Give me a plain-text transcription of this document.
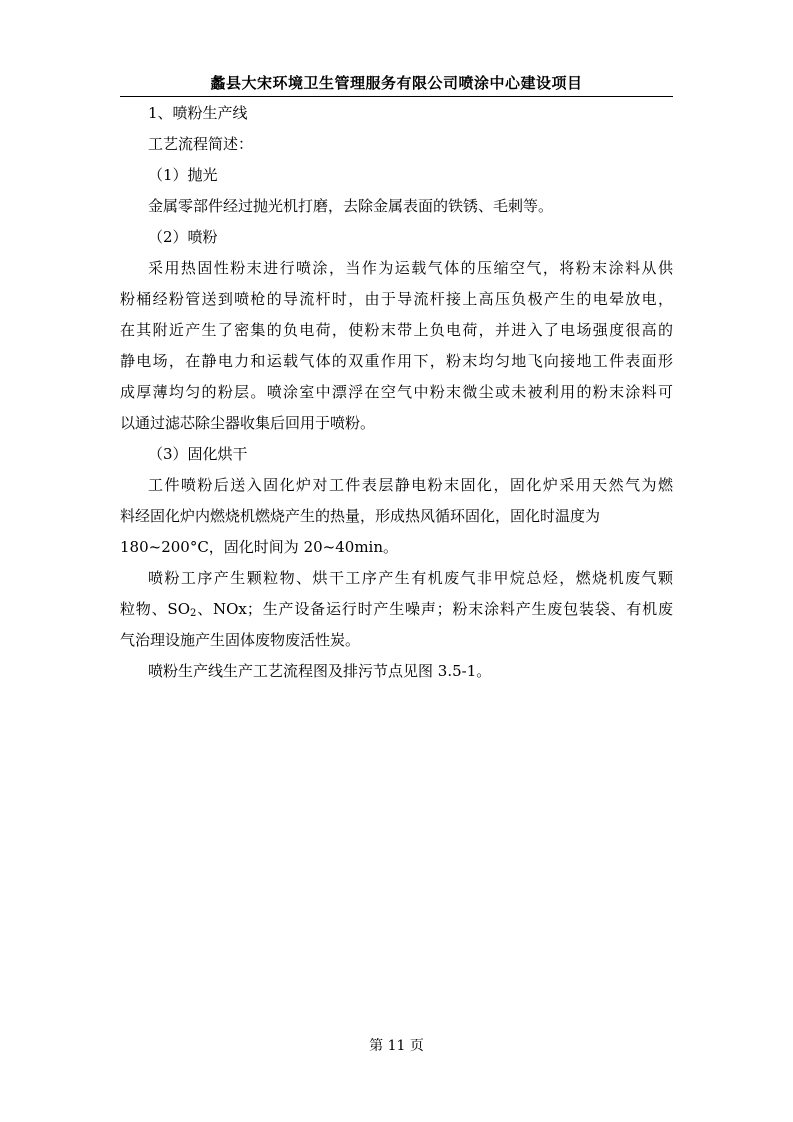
蠡县大宋环境卫生管理服务有限公司喷涂中心建设项目
1、喷粉生产线
工艺流程简述：
（1）抛光
金属零部件经过抛光机打磨，去除金属表面的铁锈、毛刺等。
（2）喷粉
采用热固性粉末进行喷涂，当作为运载气体的压缩空气，将粉末涂料从供
粉桶经粉管送到喷枪的导流杆时，由于导流杆接上高压负极产生的电晕放电，
在其附近产生了密集的负电荷，使粉末带上负电荷，并进入了电场强度很高的
静电场，在静电力和运载气体的双重作用下，粉末均匀地飞向接地工件表面形
成厚薄均匀的粉层。喷涂室中漂浮在空气中粉末微尘或未被利用的粉末涂料可
以通过滤芯除尘器收集后回用于喷粉。
（3）固化烘干
工件喷粉后送入固化炉对工件表层静电粉末固化，固化炉采用天然气为燃
料经固化炉内燃烧机燃烧产生的热量，形成热风循环固化，固化时温度为
180~200°C，固化时间为 20~40min。
喷粉工序产生颗粒物、烘干工序产生有机废气非甲烷总烃，燃烧机废气颗
粒物、$SO_2$、NOx；生产设备运行时产生噪声；粉末涂料产生废包装袋、有机废
气治理设施产生固体废物废活性炭。
喷粉生产线生产工艺流程图及排污节点见图 3.5-1。
第 11 页
